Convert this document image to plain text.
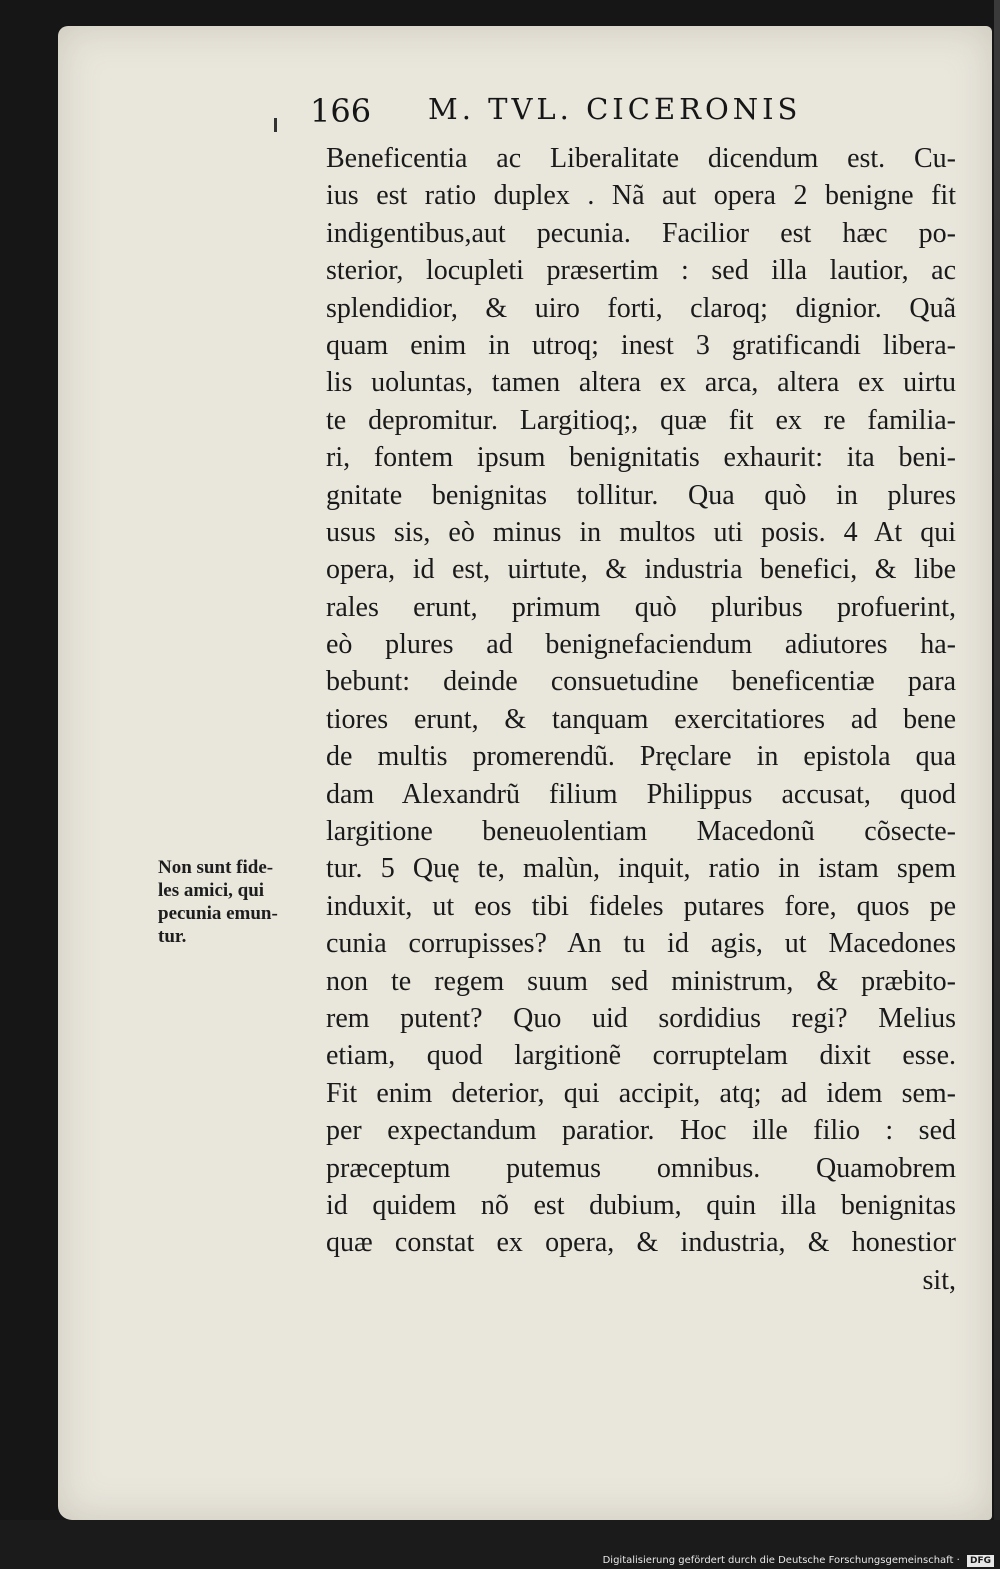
166 M. TVL. CICERONIS
Beneficentia ac Liberalitate dicendum est. Cu-
ius est ratio duplex . Nã aut opera 2 benigne fit
indigentibus,aut pecunia. Facilior est hæc po-
sterior, locupleti præsertim : sed illa lautior, ac
splendidior, & uiro forti, claroq; dignior. Quã
quam enim in utroq; inest 3 gratificandi libera-
lis uoluntas, tamen altera ex arca, altera ex uirtu
te depromitur. Largitioq;, quæ fit ex re familia-
ri, fontem ipsum benignitatis exhaurit: ita beni-
gnitate benignitas tollitur. Qua quò in plures
usus sis, eò minus in multos uti posis. 4 At qui
opera, id est, uirtute, & industria benefici, & libe
rales erunt, primum quò pluribus profuerint,
eò plures ad benignefaciendum adiutores ha-
bebunt: deinde consuetudine beneficentiæ para
tiores erunt, & tanquam exercitatiores ad bene
de multis promerendũ. Pręclare in epistola qua
dam Alexandrũ filium Philippus accusat, quod
largitione beneuolentiam Macedonũ cõsecte-
tur. 5 Quę te, malùn, inquit, ratio in istam spem
induxit, ut eos tibi fideles putares fore, quos pe
cunia corrupisses? An tu id agis, ut Macedones
non te regem suum sed ministrum, & præbito-
rem putent? Quo uid sordidius regi? Melius
etiam, quod largitionẽ corruptelam dixit esse.
Fit enim deterior, qui accipit, atq; ad idem sem-
per expectandum paratior. Hoc ille filio : sed
præceptum putemus omnibus. Quamobrem
id quidem nõ est dubium, quin illa benignitas
quæ constat ex opera, & industria, & honestior
sit,
Non sunt fide-
les amici, qui
pecunia emun-
tur.
Digitalisierung gefördert durch die Deutsche Forschungsgemeinschaft · DFG
